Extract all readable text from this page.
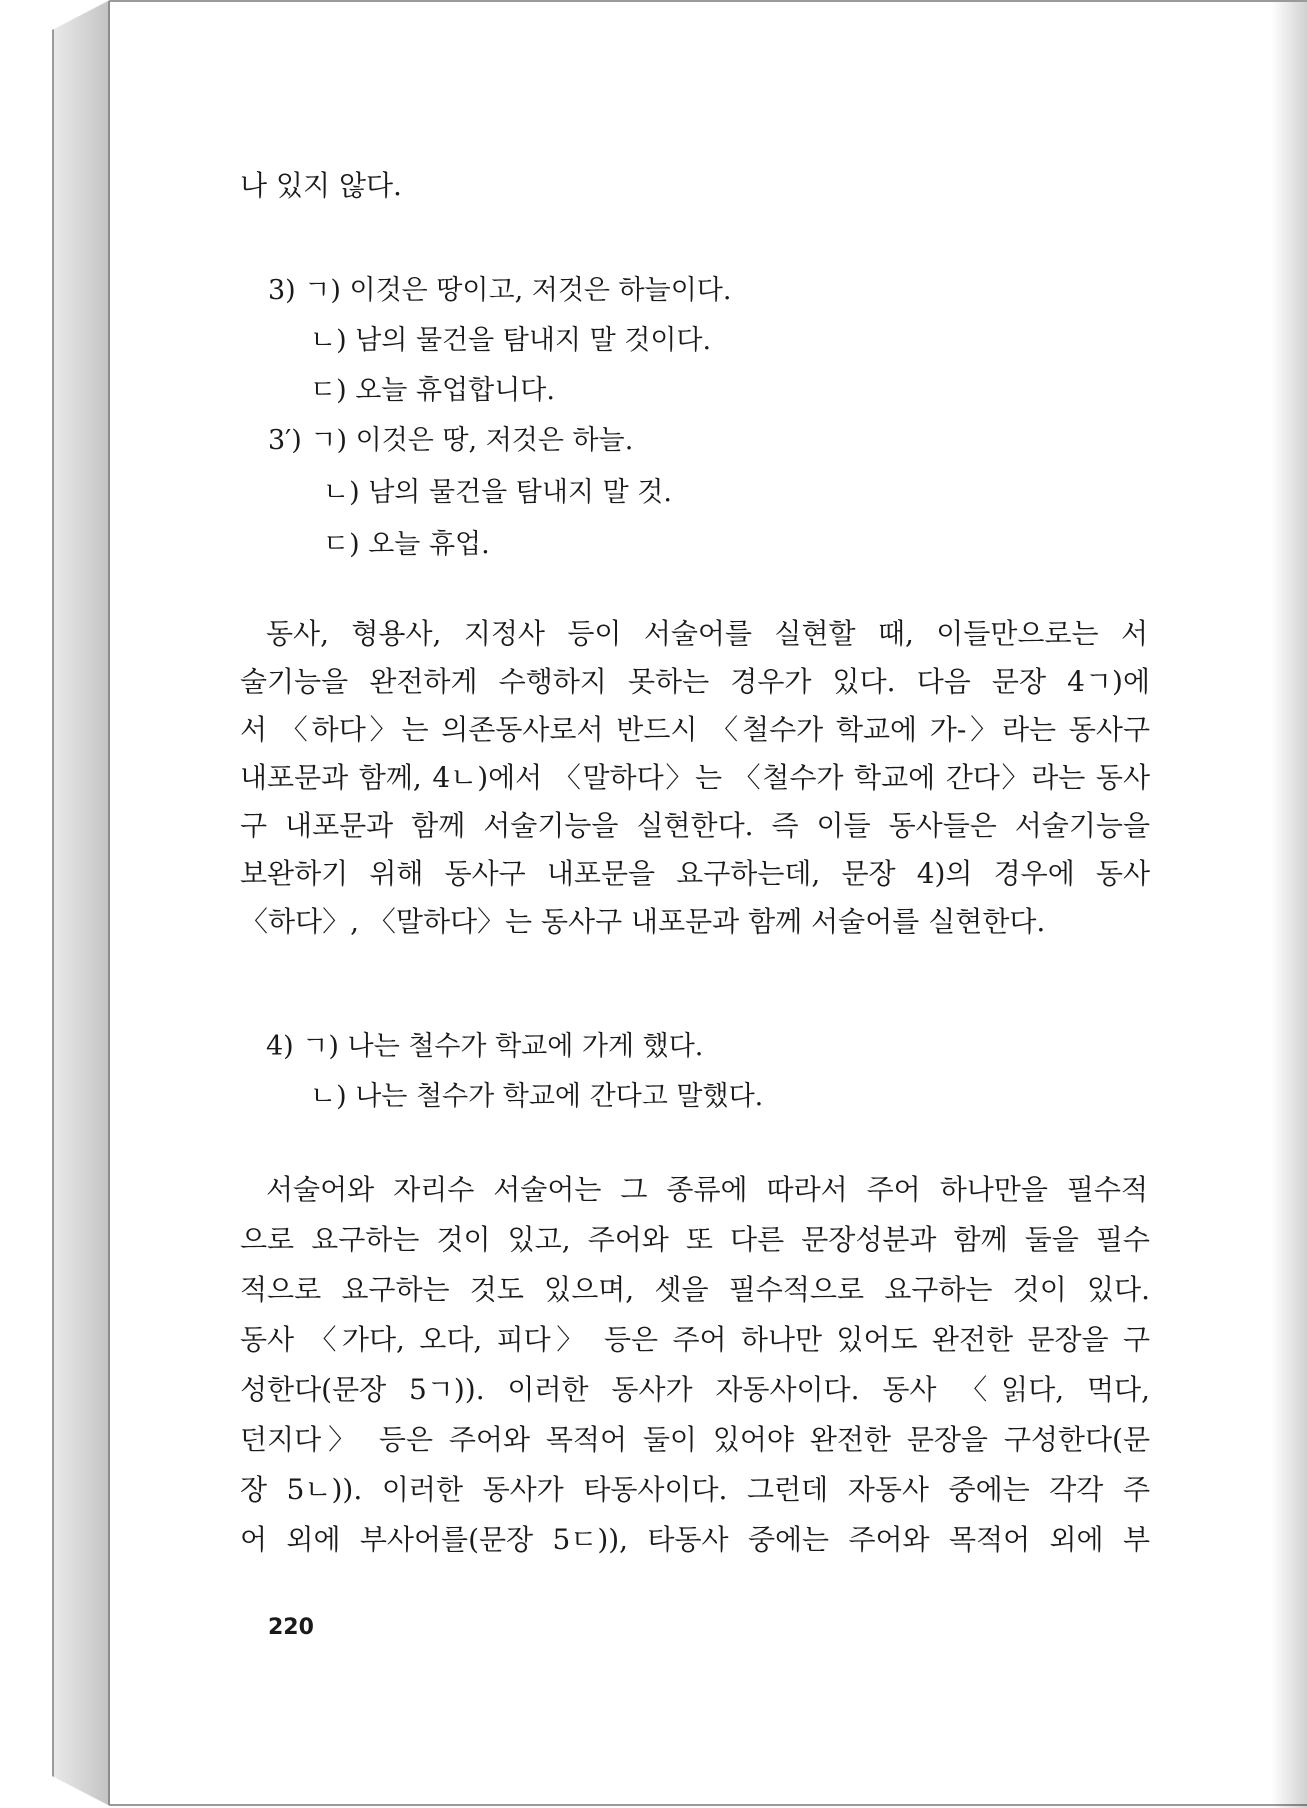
나 있지 않다.
3) ㄱ) 이것은 땅이고, 저것은 하늘이다.
ㄴ) 남의 물건을 탐내지 말 것이다.
ㄷ) 오늘 휴업합니다.
3′) ㄱ) 이것은 땅, 저것은 하늘.
ㄴ) 남의 물건을 탐내지 말 것.
ㄷ) 오늘 휴업.
동사, 형용사, 지정사 등이 서술어를 실현할 때, 이들만으로는 서
술기능을 완전하게 수행하지 못하는 경우가 있다. 다음 문장 4ㄱ)에
서 〈하다〉는 의존동사로서 반드시 〈철수가 학교에 가-〉라는 동사구
내포문과 함께, 4ㄴ)에서 〈말하다〉는 〈철수가 학교에 간다〉라는 동사
구 내포문과 함께 서술기능을 실현한다. 즉 이들 동사들은 서술기능을
보완하기 위해 동사구 내포문을 요구하는데, 문장 4)의 경우에 동사
〈하다〉, 〈말하다〉는 동사구 내포문과 함께 서술어를 실현한다.
4) ㄱ) 나는 철수가 학교에 가게 했다.
ㄴ) 나는 철수가 학교에 간다고 말했다.
서술어와 자리수 서술어는 그 종류에 따라서 주어 하나만을 필수적
으로 요구하는 것이 있고, 주어와 또 다른 문장성분과 함께 둘을 필수
적으로 요구하는 것도 있으며, 셋을 필수적으로 요구하는 것이 있다.
동사 〈가다, 오다, 피다〉 등은 주어 하나만 있어도 완전한 문장을 구
성한다(문장 5ㄱ)). 이러한 동사가 자동사이다. 동사 〈읽다, 먹다,
던지다〉 등은 주어와 목적어 둘이 있어야 완전한 문장을 구성한다(문
장 5ㄴ)). 이러한 동사가 타동사이다. 그런데 자동사 중에는 각각 주
어 외에 부사어를(문장 5ㄷ)), 타동사 중에는 주어와 목적어 외에 부
220
